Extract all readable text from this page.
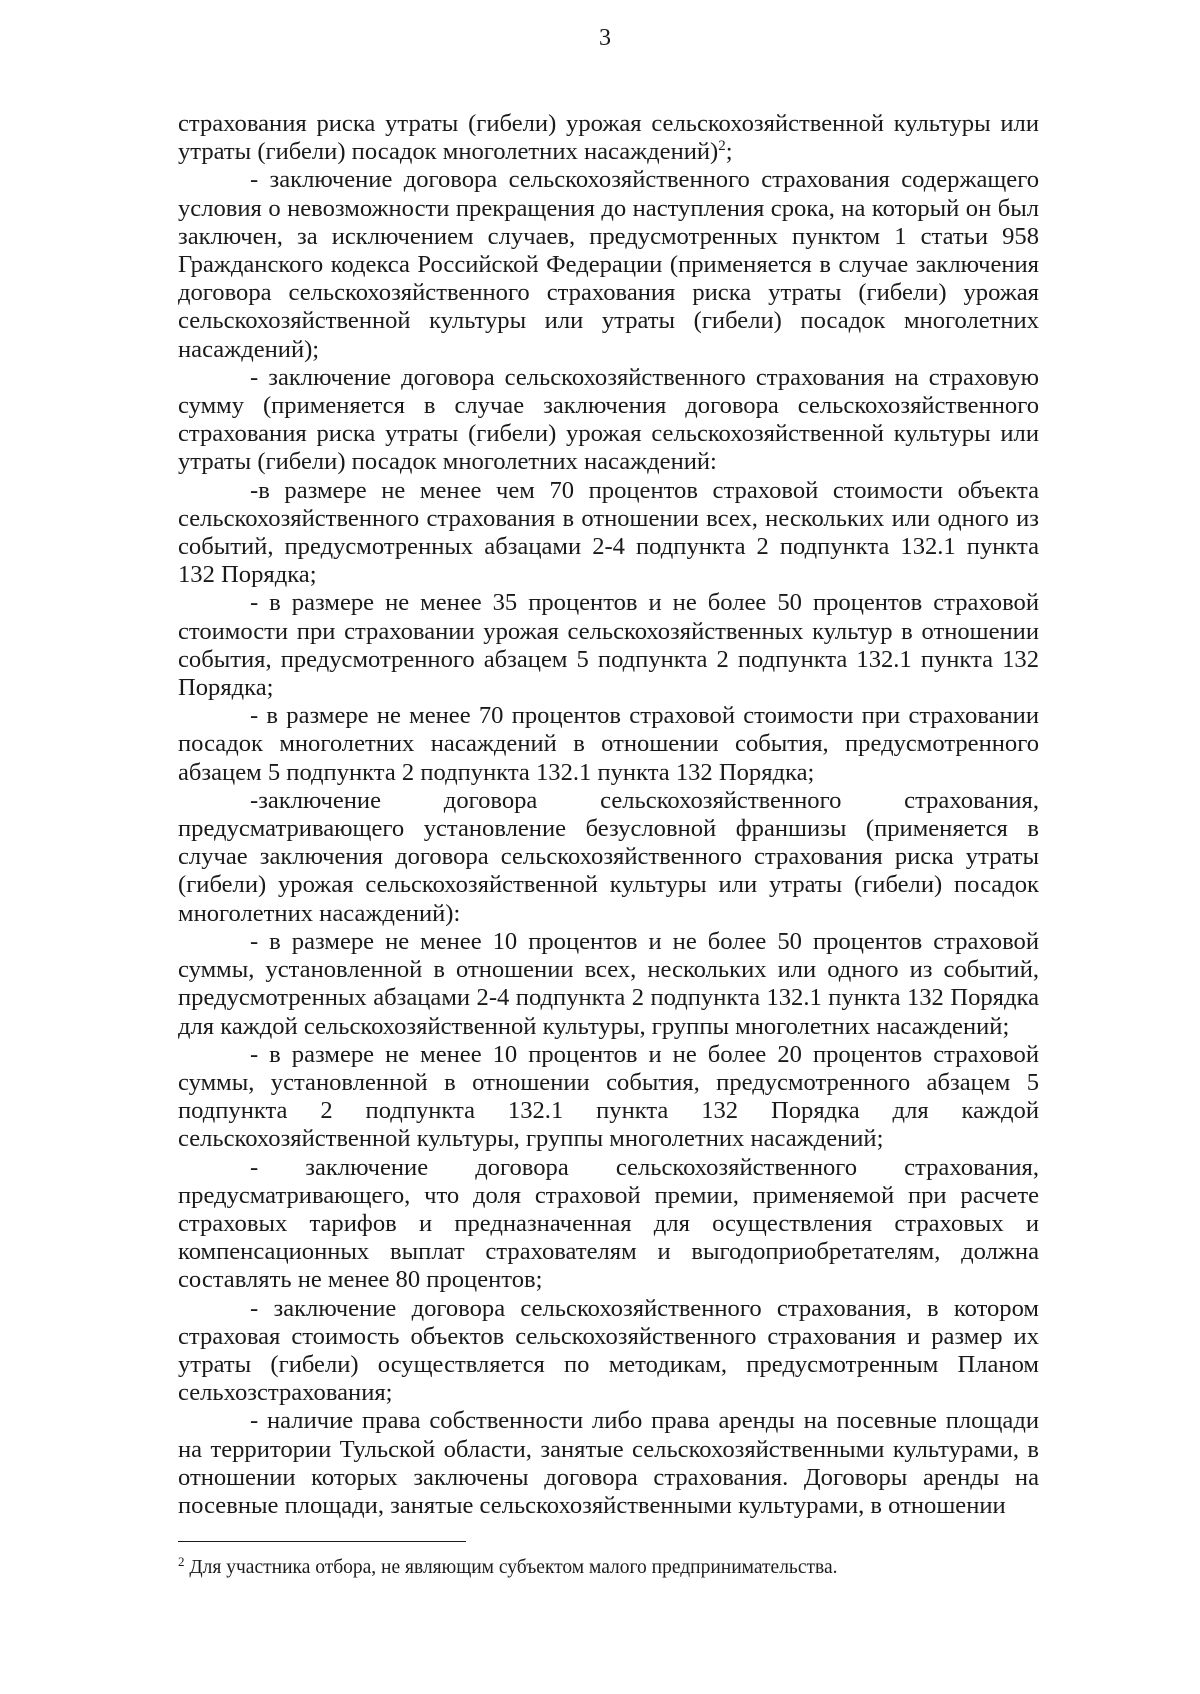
3

страхования риска утраты (гибели) урожая сельскохозяйственной культуры или утраты (гибели) посадок многолетних насаждений)$^2$;

- заключение договора сельскохозяйственного страхования содержащего условия о невозможности прекращения до наступления срока, на который он был заключен, за исключением случаев, предусмотренных пунктом 1 статьи 958 Гражданского кодекса Российской Федерации (применяется в случае заключения договора сельскохозяйственного страхования риска утраты (гибели) урожая сельскохозяйственной культуры или утраты (гибели) посадок многолетних насаждений);

- заключение договора сельскохозяйственного страхования на страховую сумму (применяется в случае заключения договора сельскохозяйственного страхования риска утраты (гибели) урожая сельскохозяйственной культуры или утраты (гибели) посадок многолетних насаждений:

-в размере не менее чем 70 процентов страховой стоимости объекта сельскохозяйственного страхования в отношении всех, нескольких или одного из событий, предусмотренных абзацами 2-4 подпункта 2 подпункта 132.1 пункта 132 Порядка;

- в размере не менее 35 процентов и не более 50 процентов страховой стоимости при страховании урожая сельскохозяйственных культур в отношении события, предусмотренного абзацем 5 подпункта 2 подпункта 132.1 пункта 132 Порядка;

- в размере не менее 70 процентов страховой стоимости при страховании посадок многолетних насаждений в отношении события, предусмотренного абзацем 5 подпункта 2 подпункта 132.1 пункта 132 Порядка;

-заключение договора сельскохозяйственного страхования, предусматривающего установление безусловной франшизы (применяется в случае заключения договора сельскохозяйственного страхования риска утраты (гибели) урожая сельскохозяйственной культуры или утраты (гибели) посадок многолетних насаждений):

- в размере не менее 10 процентов и не более 50 процентов страховой суммы, установленной в отношении всех, нескольких или одного из событий, предусмотренных абзацами 2-4 подпункта 2 подпункта 132.1 пункта 132 Порядка для каждой сельскохозяйственной культуры, группы многолетних насаждений;

- в размере не менее 10 процентов и не более 20 процентов страховой суммы, установленной в отношении события, предусмотренного абзацем 5 подпункта 2 подпункта 132.1 пункта 132 Порядка для каждой сельскохозяйственной культуры, группы многолетних насаждений;

- заключение договора сельскохозяйственного страхования, предусматривающего, что доля страховой премии, применяемой при расчете страховых тарифов и предназначенная для осуществления страховых и компенсационных выплат страхователям и выгодоприобретателям, должна составлять не менее 80 процентов;

- заключение договора сельскохозяйственного страхования, в котором страховая стоимость объектов сельскохозяйственного страхования и размер их утраты (гибели) осуществляется по методикам, предусмотренным Планом сельхозстрахования;

- наличие права собственности либо права аренды на посевные площади на территории Тульской области, занятые сельскохозяйственными культурами, в отношении которых заключены договора страхования. Договоры аренды на посевные площади, занятые сельскохозяйственными культурами, в отношении

$^2$ Для участника отбора, не являющим субъектом малого предпринимательства.
